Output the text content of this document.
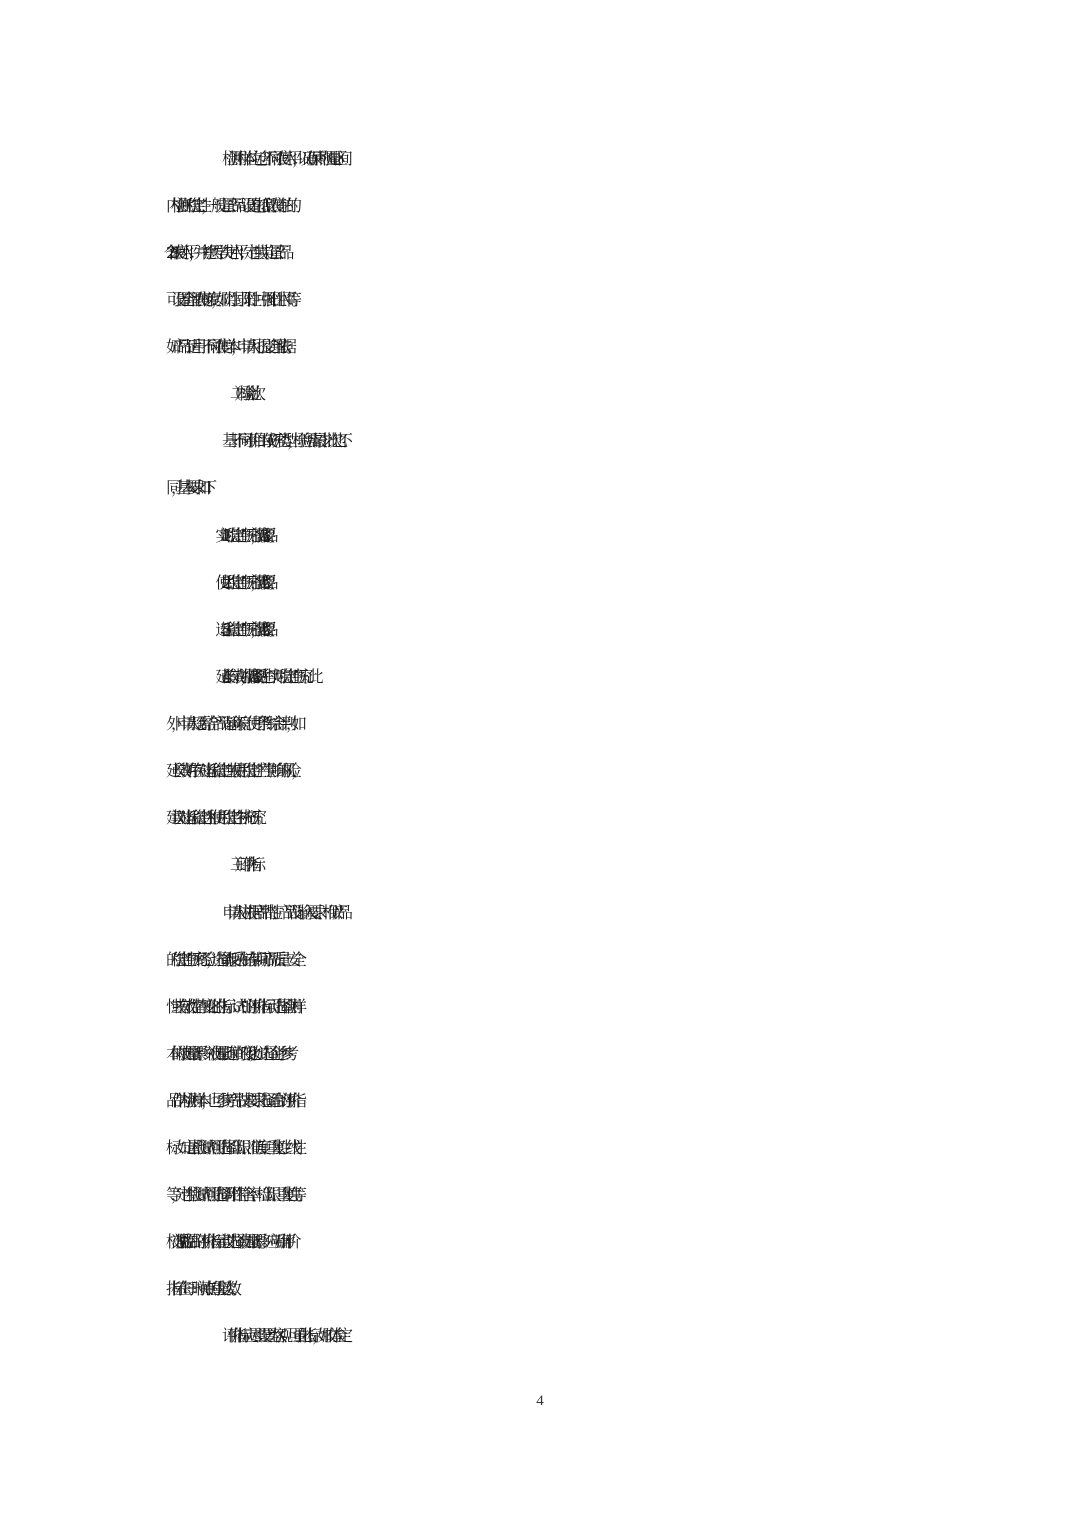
检测用样本应包含不同浓度水平，以确保声称测量区间
内检测的稳定性，一般定量产品可设置包括低浓度在内的
2～3 个浓度水平，并考虑医学决定水平；定性或半定量产品
可设置合理浓度梯度，如阴性、弱阳性、中强阳性水平等。
如产品不适用于不同浓度样本，申请人可提交合理依据。
（二）检验批次
基于不同评价目的或研究类型，检验所需最少批次也不
同，基本要求如下：
1.实时稳定性研究，需要 3 批产品。
2.使用稳定性研究，需要 1 批产品。
3.运输稳定性研究，需要 1 批产品。
4.延长有效期，需要 3 批产品进行实时稳定性研究。此
外，申请人还需结合产品运输环境、使用条件综合评判，如
延长效期存在对运输稳定性或使用稳定性产生影响的风险，
建议对运输稳定性和使用稳定性补充研究。
（三）评价指标
申请人应根据产品特性、产品设计输入要求、相似产品
的稳定性研究经验，选择能反映在储存期间产品质量、安全
性或有效性潜在变化的指标。试剂的评价指标可选择检测样
本的被测量漂移（被测量随时间的变化）；如选择企业参考
品作为检测样本，也可参考产品技术要求选择适合的评价指
标：如定量检测试剂可选择检出限、准确度、重复性、线性
等，定性检测试剂可选择阴阳性符合率、检出限、重复性等。
校准品/质控品的评价指标建议选择被测量漂移。应明确评价
指标在每一时间点的重复次数。
评价指标应尽量设置为客观、可量化指标，如胶体金定
4
